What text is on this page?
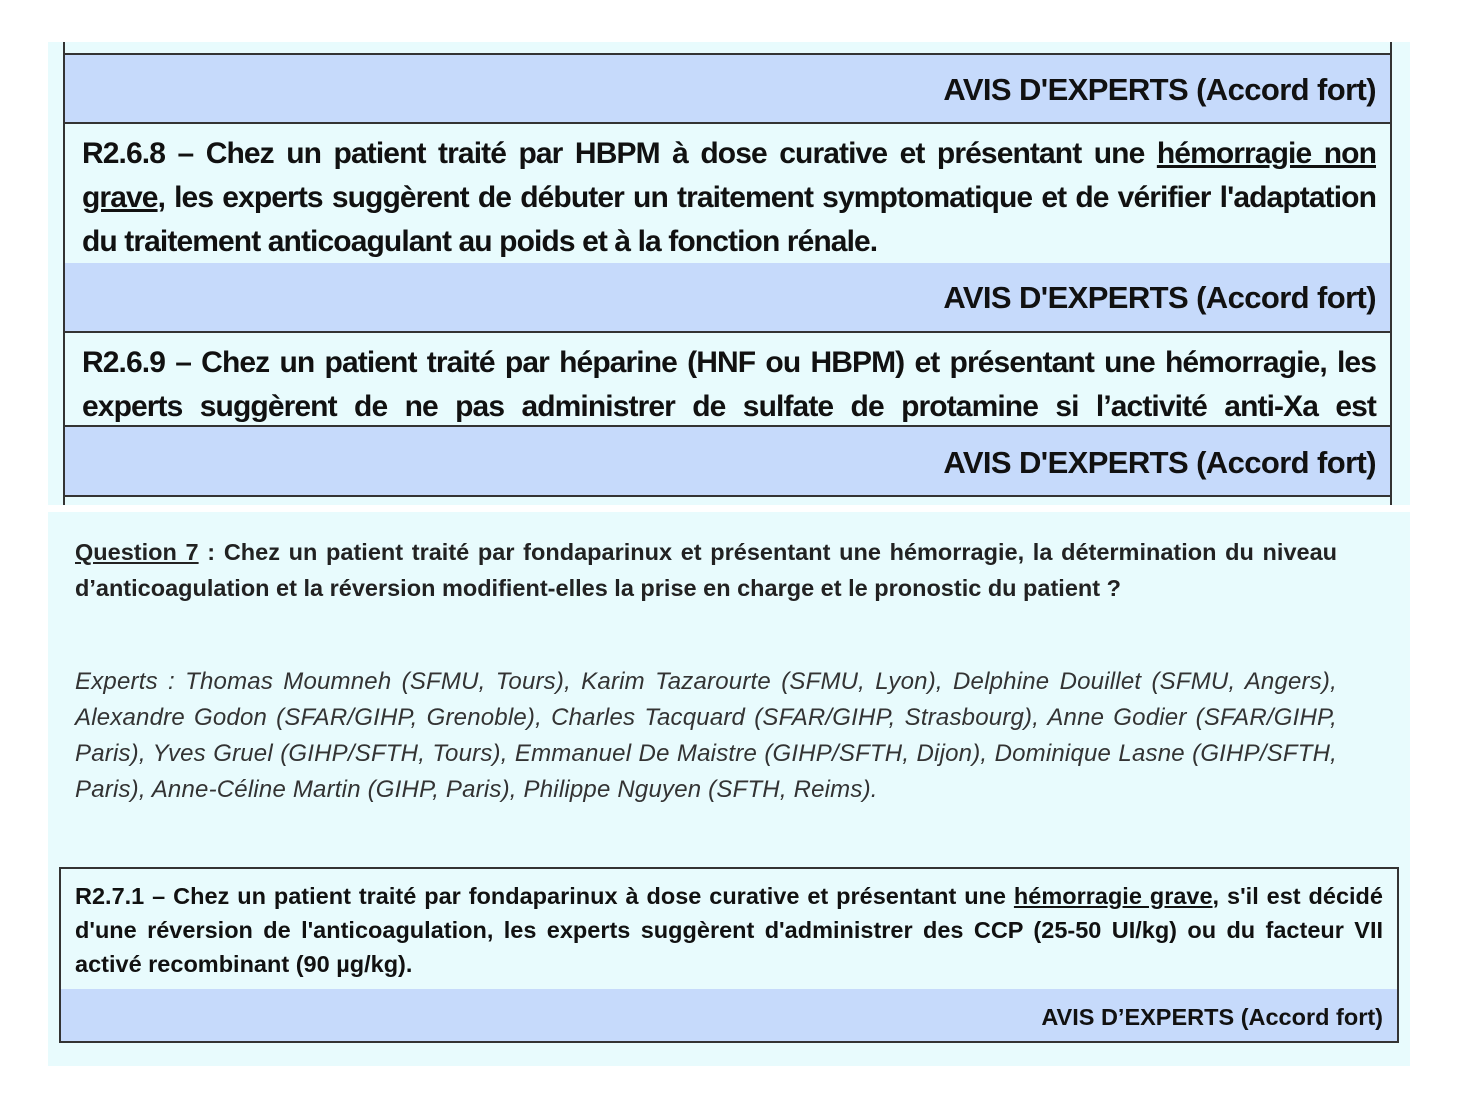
AVIS D'EXPERTS (Accord fort)
R2.6.8 – Chez un patient traité par HBPM à dose curative et présentant une hémorragie non grave, les experts suggèrent de débuter un traitement symptomatique et de vérifier l'adaptation du traitement anticoagulant au poids et à la fonction rénale.
AVIS D'EXPERTS (Accord fort)
R2.6.9 – Chez un patient traité par héparine (HNF ou HBPM) et présentant une hémorragie, les experts suggèrent de ne pas administrer de sulfate de protamine si l’activité anti-Xa est
AVIS D'EXPERTS (Accord fort)
Question 7 : Chez un patient traité par fondaparinux et présentant une hémorragie, la détermination du niveau d’anticoagulation et la réversion modifient-elles la prise en charge et le pronostic du patient ?
Experts : Thomas Moumneh (SFMU, Tours), Karim Tazarourte (SFMU, Lyon), Delphine Douillet (SFMU, Angers), Alexandre Godon (SFAR/GIHP, Grenoble), Charles Tacquard (SFAR/GIHP, Strasbourg), Anne Godier (SFAR/GIHP, Paris), Yves Gruel (GIHP/SFTH, Tours), Emmanuel De Maistre (GIHP/SFTH, Dijon), Dominique Lasne (GIHP/SFTH, Paris), Anne-Céline Martin (GIHP, Paris), Philippe Nguyen (SFTH, Reims).
R2.7.1 – Chez un patient traité par fondaparinux à dose curative et présentant une hémorragie grave, s'il est décidé d'une réversion de l'anticoagulation, les experts suggèrent d'administrer des CCP (25-50 UI/kg) ou du facteur VII activé recombinant (90 µg/kg).
AVIS D’EXPERTS (Accord fort)
